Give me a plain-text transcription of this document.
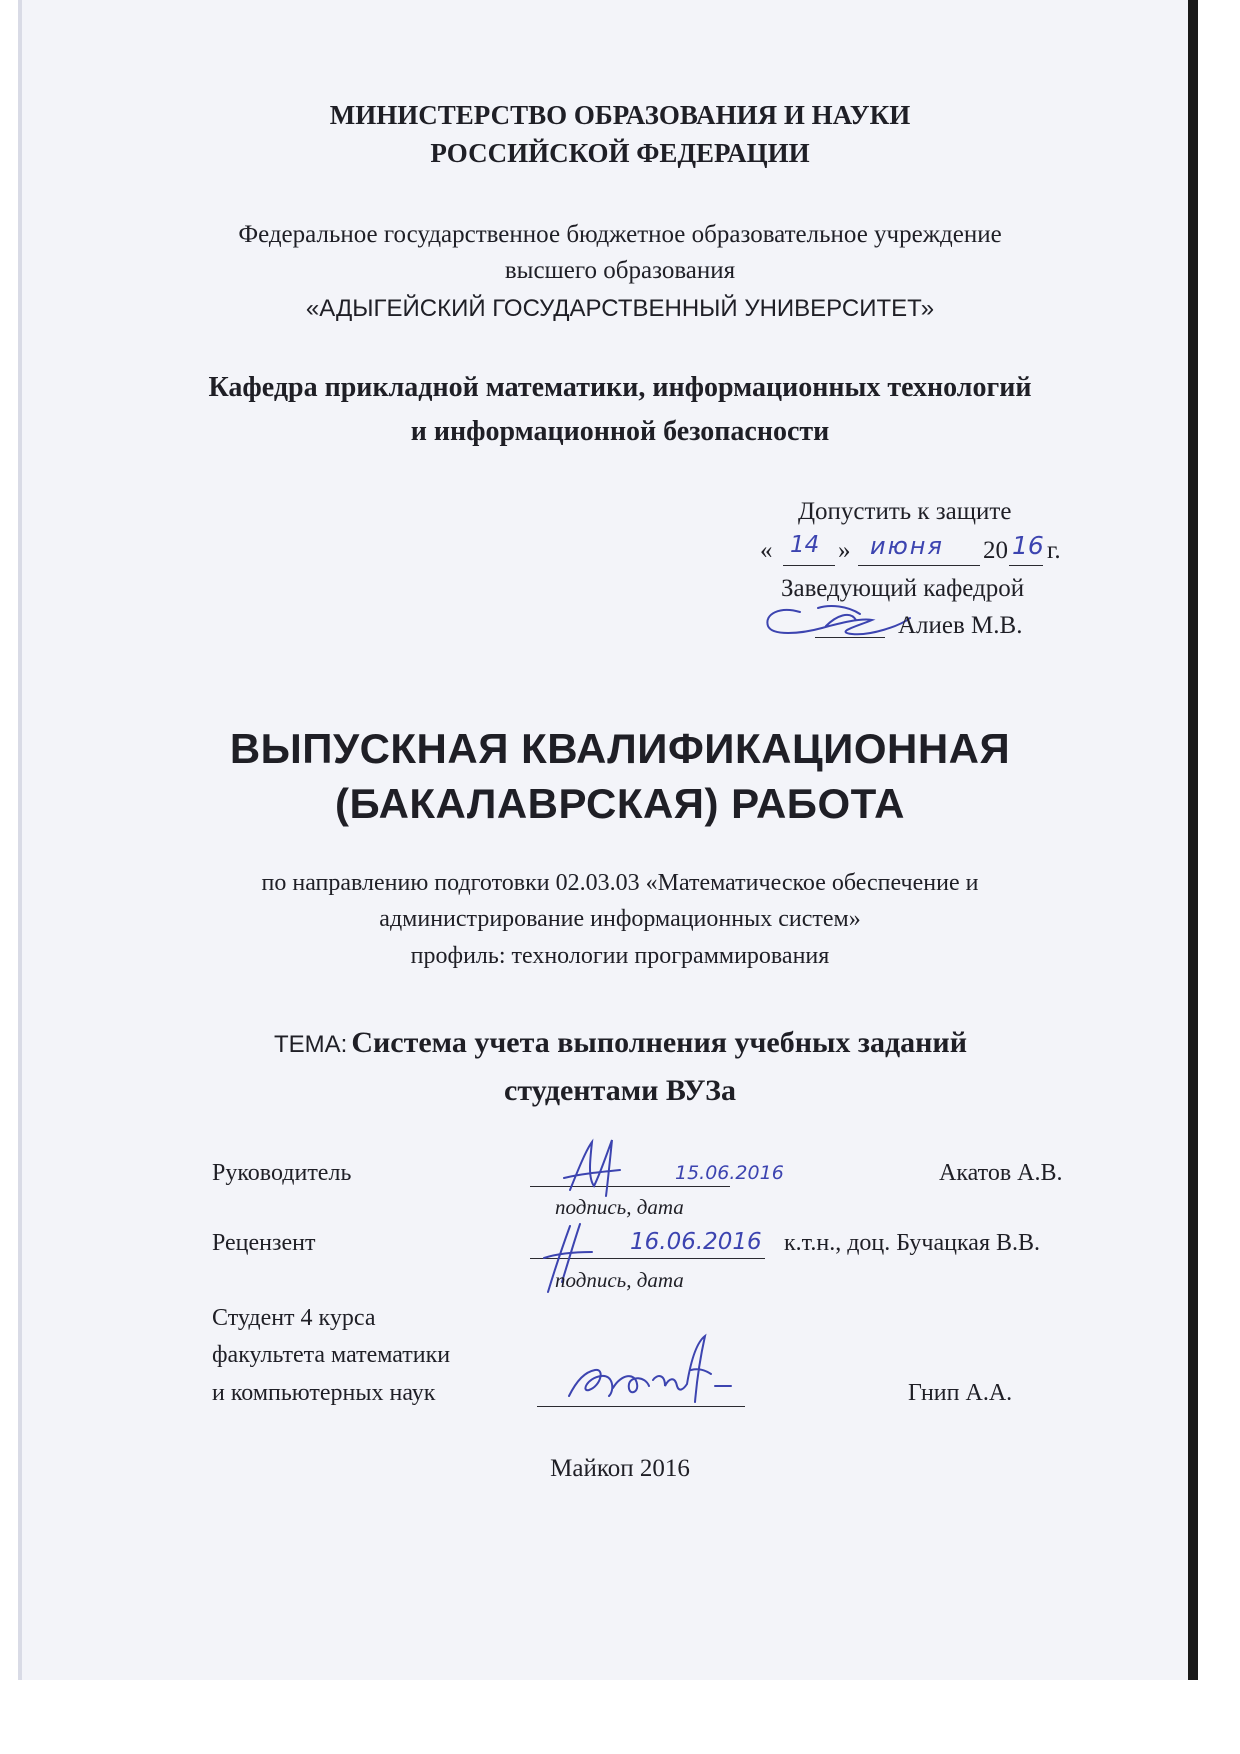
МИНИСТЕРСТВО ОБРАЗОВАНИЯ И НАУКИ
РОССИЙСКОЙ ФЕДЕРАЦИИ
Федеральное государственное бюджетное образовательное учреждение
высшего образования
«АДЫГЕЙСКИЙ ГОСУДАРСТВЕННЫЙ УНИВЕРСИТЕТ»
Кафедра прикладной математики, информационных технологий
и информационной безопасности
Допустить к защите
« 14 » июня 20 16 г.
Заведующий кафедрой
Алиев М.В.
ВЫПУСКНАЯ КВАЛИФИКАЦИОННАЯ
(БАКАЛАВРСКАЯ) РАБОТА
по направлению подготовки 02.03.03 «Математическое обеспечение и
администрирование информационных систем»
профиль: технологии программирования
ТЕМА: Система учета выполнения учебных заданий
студентами ВУЗа
Руководитель	15.06.2016	Акатов А.В.
подпись, дата
Рецензент	16.06.2016 к.т.н., доц. Бучацкая В.В.
подпись, дата
Студент 4 курса
факультета математики
и компьютерных наук	Гнип А.А.
Майкоп 2016
